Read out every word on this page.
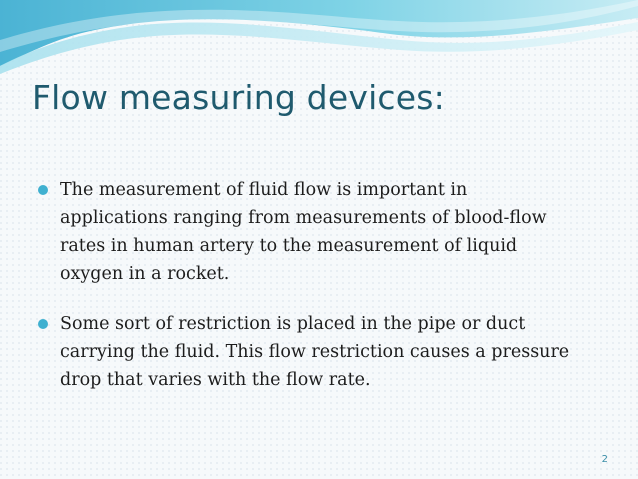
Flow measuring devices:
The measurement of fluid flow is important in applications ranging from measurements of blood-flow rates in human artery to the measurement of liquid oxygen in a rocket.
Some sort of restriction is placed in the pipe or duct carrying the fluid. This flow restriction causes a pressure drop that varies with the flow rate.
2
